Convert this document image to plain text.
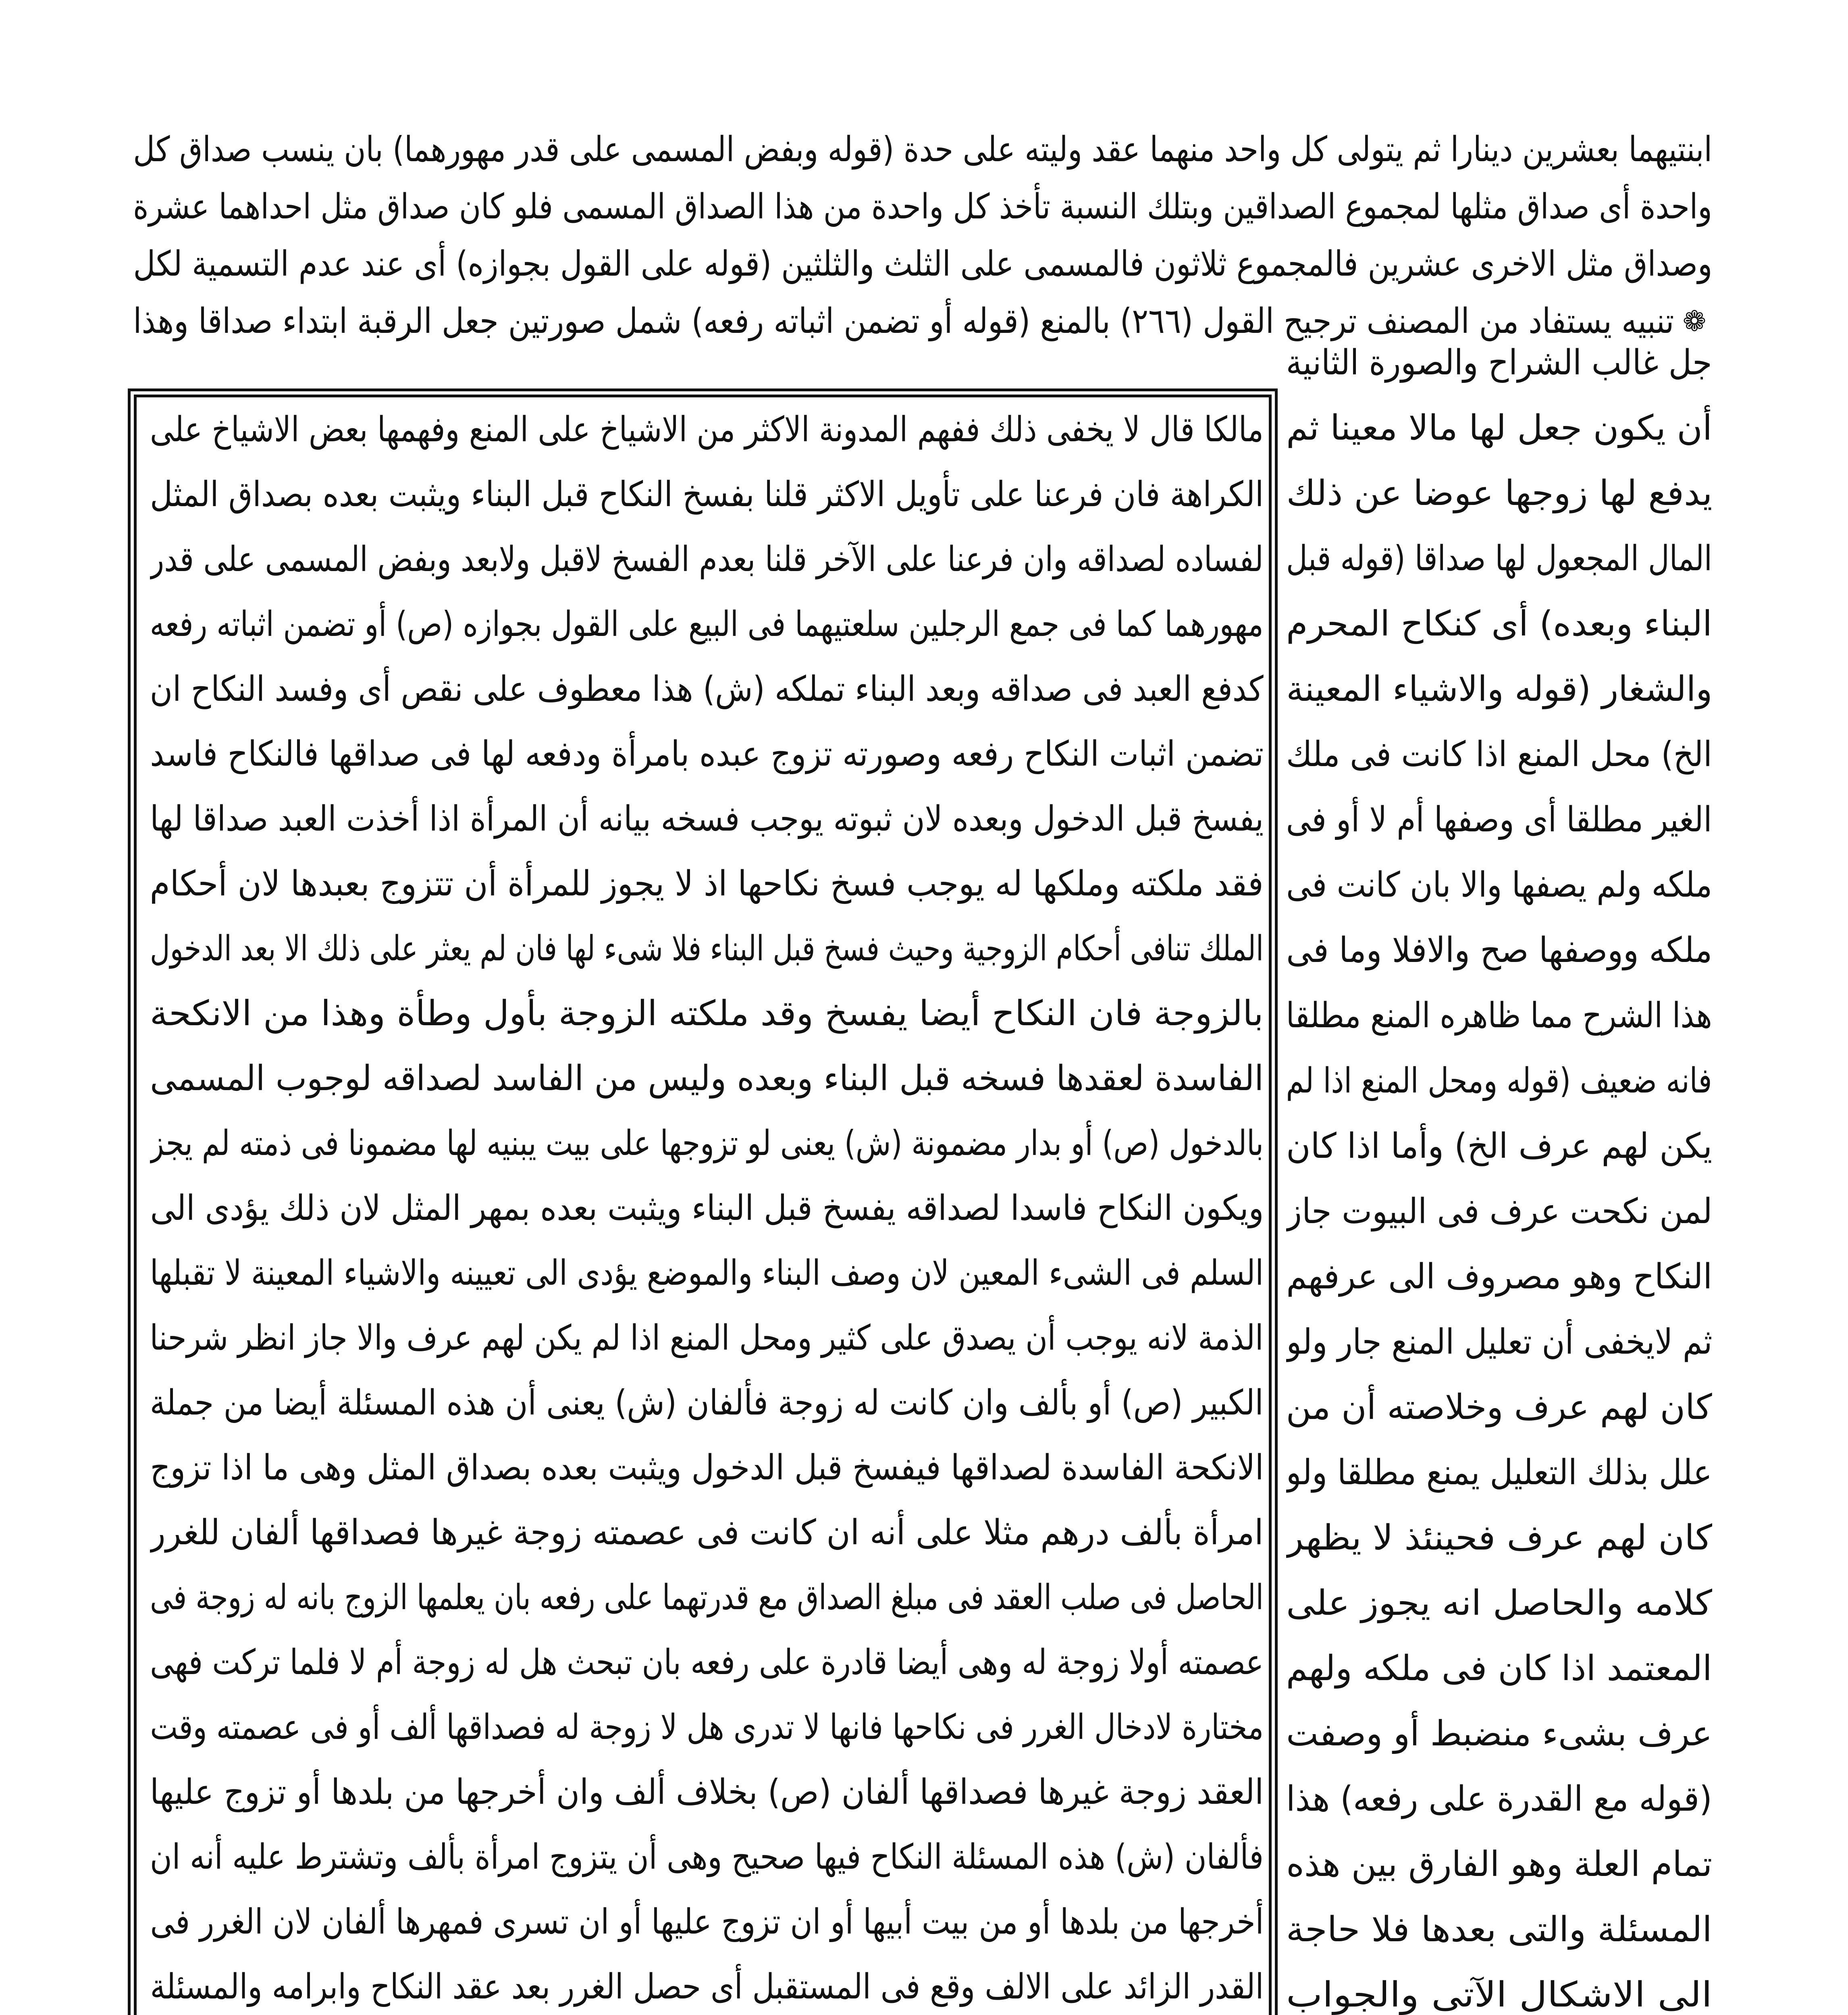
ابنتيهما بعشرين دينارا ثم يتولى كل واحد منهما عقد وليته على حدة (قوله وبفض المسمى على قدر مهورهما) بان ينسب صداق كل
واحدة أى صداق مثلها لمجموع الصداقين وبتلك النسبة تأخذ كل واحدة من هذا الصداق المسمى فلو كان صداق مثل احداهما عشرة
وصداق مثل الاخرى عشرين فالمجموع ثلاثون فالمسمى على الثلث والثلثين (قوله على القول بجوازه) أى عند عدم التسمية لكل
تنبيه يستفاد من المصنف ترجيح القول (٢٦٦) بالمنع (قوله أو تضمن اثباته رفعه) شمل صورتين جعل الرقبة ابتداء صداقا وهذا
❁
جل غالب الشراح والصورة الثانية
أن يكون جعل لها مالا معينا ثم
يدفع لها زوجها عوضا عن ذلك
المال المجعول لها صداقا (قوله قبل
البناء وبعده) أى كنكاح المحرم
والشغار (قوله والاشياء المعينة
الخ) محل المنع اذا كانت فى ملك
الغير مطلقا أى وصفها أم لا أو فى
ملكه ولم يصفها والا بان كانت فى
ملكه ووصفها صح والافلا وما فى
هذا الشرح مما ظاهره المنع مطلقا
فانه ضعيف (قوله ومحل المنع اذا لم
يكن لهم عرف الخ) وأما اذا كان
لمن نكحت عرف فى البيوت جاز
النكاح وهو مصروف الى عرفهم
ثم لايخفى أن تعليل المنع جار ولو
كان لهم عرف وخلاصته أن من
علل بذلك التعليل يمنع مطلقا ولو
كان لهم عرف فحينئذ لا يظهر
كلامه والحاصل انه يجوز على
المعتمد اذا كان فى ملكه ولهم
عرف بشىء منضبط أو وصفت
(قوله مع القدرة على رفعه) هذا
تمام العلة وهو الفارق بين هذه
المسئلة والتى بعدها فلا حاجة
الى الاشكال الآتى والجواب
مالكا قال لا يخفى ذلك ففهم المدونة الاكثر من الاشياخ على المنع وفهمها بعض الاشياخ على
الكراهة فان فرعنا على تأويل الاكثر قلنا بفسخ النكاح قبل البناء ويثبت بعده بصداق المثل
لفساده لصداقه وان فرعنا على الآخر قلنا بعدم الفسخ لاقبل ولابعد وبفض المسمى على قدر
مهورهما كما فى جمع الرجلين سلعتيهما فى البيع على القول بجوازه (ص) أو تضمن اثباته رفعه
كدفع العبد فى صداقه وبعد البناء تملكه (ش) هذا معطوف على نقص أى وفسد النكاح ان
تضمن اثبات النكاح رفعه وصورته تزوج عبده بامرأة ودفعه لها فى صداقها فالنكاح فاسد
يفسخ قبل الدخول وبعده لان ثبوته يوجب فسخه بيانه أن المرأة اذا أخذت العبد صداقا لها
فقد ملكته وملكها له يوجب فسخ نكاحها اذ لا يجوز للمرأة أن تتزوج بعبدها لان أحكام
الملك تنافى أحكام الزوجية وحيث فسخ قبل البناء فلا شىء لها فان لم يعثر على ذلك الا بعد الدخول
بالزوجة فان النكاح أيضا يفسخ وقد ملكته الزوجة بأول وطأة وهذا من الانكحة
الفاسدة لعقدها فسخه قبل البناء وبعده وليس من الفاسد لصداقه لوجوب المسمى
بالدخول (ص) أو بدار مضمونة (ش) يعنى لو تزوجها على بيت يبنيه لها مضمونا فى ذمته لم يجز
ويكون النكاح فاسدا لصداقه يفسخ قبل البناء ويثبت بعده بمهر المثل لان ذلك يؤدى الى
السلم فى الشىء المعين لان وصف البناء والموضع يؤدى الى تعيينه والاشياء المعينة لا تقبلها
الذمة لانه يوجب أن يصدق على كثير ومحل المنع اذا لم يكن لهم عرف والا جاز انظر شرحنا
الكبير (ص) أو بألف وان كانت له زوجة فألفان (ش) يعنى أن هذه المسئلة أيضا من جملة
الانكحة الفاسدة لصداقها فيفسخ قبل الدخول ويثبت بعده بصداق المثل وهى ما اذا تزوج
امرأة بألف درهم مثلا على أنه ان كانت فى عصمته زوجة غيرها فصداقها ألفان للغرر
الحاصل فى صلب العقد فى مبلغ الصداق مع قدرتهما على رفعه بان يعلمها الزوج بانه له زوجة فى
عصمته أولا زوجة له وهى أيضا قادرة على رفعه بان تبحث هل له زوجة أم لا فلما تركت فهى
مختارة لادخال الغرر فى نكاحها فانها لا تدرى هل لا زوجة له فصداقها ألف أو فى عصمته وقت
العقد زوجة غيرها فصداقها ألفان (ص) بخلاف ألف وان أخرجها من بلدها أو تزوج عليها
فألفان (ش) هذه المسئلة النكاح فيها صحيح وهى أن يتزوج امرأة بألف وتشترط عليه أنه ان
أخرجها من بلدها أو من بيت أبيها أو ان تزوج عليها أو ان تسرى فمهرها ألفان لان الغرر فى
القدر الزائد على الالف وقع فى المستقبل أى حصل الغرر بعد عقد النكاح وابرامه والمسئلة
